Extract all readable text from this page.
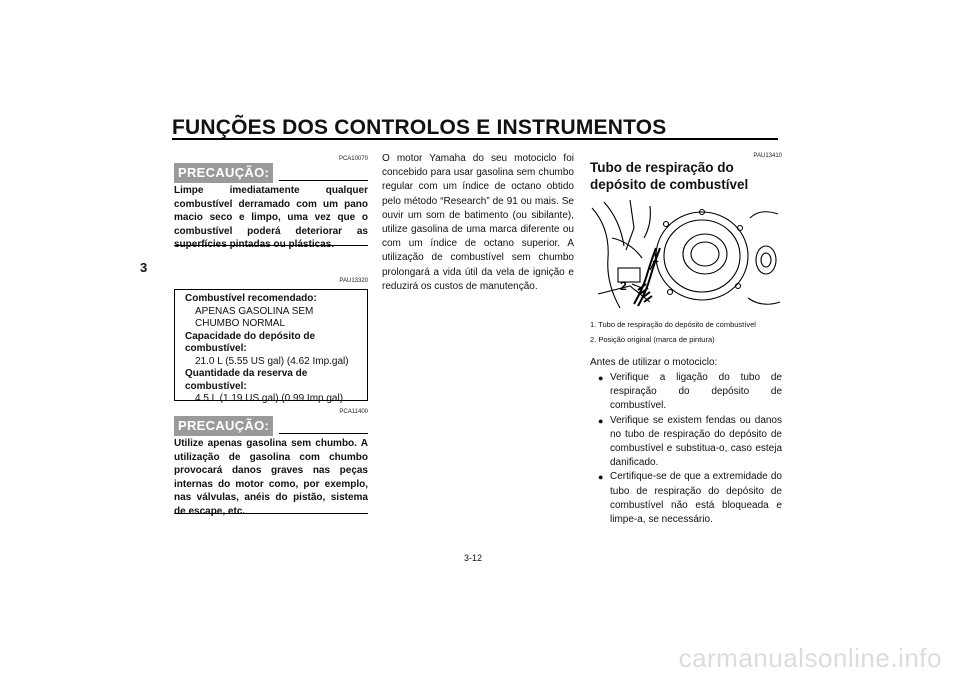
FUNÇÕES DOS CONTROLOS E INSTRUMENTOS
3
PCA10070
PRECAUÇÃO:
Limpe imediatamente qualquer combustível derramado com um pano macio seco e limpo, uma vez que o combustível poderá deteriorar as superfícies pintadas ou plásticas.
PAU13320
Combustível recomendado:
APENAS GASOLINA SEM CHUMBO NORMAL
Capacidade do depósito de combustível:
21.0 L (5.55 US gal) (4.62 Imp.gal)
Quantidade da reserva de combustível:
4.5 L (1.19 US gal) (0.99 Imp.gal)
PCA11400
PRECAUÇÃO:
Utilize apenas gasolina sem chumbo. A utilização de gasolina com chumbo provocará danos graves nas peças internas do motor como, por exemplo, nas válvulas, anéis do pistão, sistema de escape, etc.
O motor Yamaha do seu motociclo foi concebido para usar gasolina sem chumbo regular com um índice de octano obtido pelo método “Research” de 91 ou mais. Se ouvir um som de batimento (ou sibilante), utilize gasolina de uma marca diferente ou com um índice de octano superior. A utilização de combustível sem chumbo prolongará a vida útil da vela de ignição e reduzirá os custos de manutenção.
PAU13410
Tubo de respiração do depósito de combustível
1
2
1. Tubo de respiração do depósito de combustível
2. Posição original (marca de pintura)
Antes de utilizar o motociclo:
● Verifique a ligação do tubo de respiração do depósito de combustível.
● Verifique se existem fendas ou danos no tubo de respiração do depósito de combustível e substitua-o, caso esteja danificado.
● Certifique-se de que a extremidade do tubo de respiração do depósito de combustível não está bloqueada e limpe-a, se necessário.
3-12
carmanualsonline.info
